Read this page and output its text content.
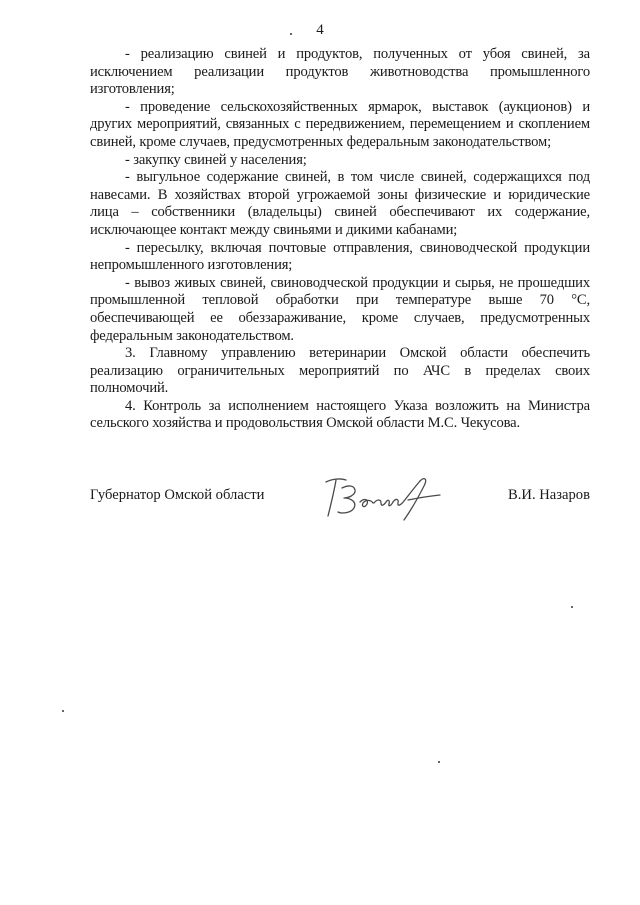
4

- реализацию свиней и продуктов, полученных от убоя свиней, за исключением реализации продуктов животноводства промышленного изготовления;

- проведение сельскохозяйственных ярмарок, выставок (аукционов) и других мероприятий, связанных с передвижением, перемещением и скоплением свиней, кроме случаев, предусмотренных федеральным законодательством;

- закупку свиней у населения;

- выгульное содержание свиней, в том числе свиней, содержащихся под навесами. В хозяйствах второй угрожаемой зоны физические и юридические лица – собственники (владельцы) свиней обеспечивают их содержание, исключающее контакт между свиньями и дикими кабанами;

- пересылку, включая почтовые отправления, свиноводческой продукции непромышленного изготовления;

- вывоз живых свиней, свиноводческой продукции и сырья, не прошедших промышленной тепловой обработки при температуре выше 70 °С, обеспечивающей ее обеззараживание, кроме случаев, предусмотренных федеральным законодательством.

3. Главному управлению ветеринарии Омской области обеспечить реализацию ограничительных мероприятий по АЧС в пределах своих полномочий.

4. Контроль за исполнением настоящего Указа возложить на Министра сельского хозяйства и продовольствия Омской области М.С. Чекусова.

Губернатор Омской области	В.И. Назаров
